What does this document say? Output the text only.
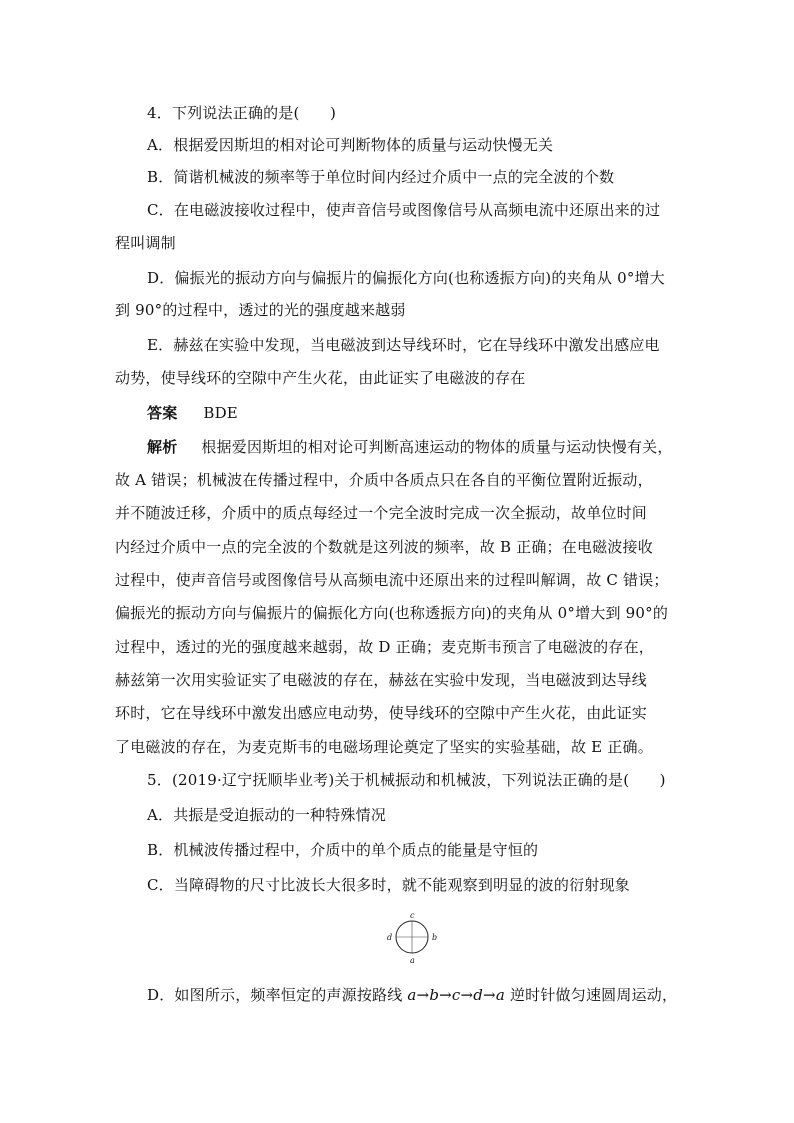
4．下列说法正确的是(　　)
A．根据爱因斯坦的相对论可判断物体的质量与运动快慢无关
B．简谐机械波的频率等于单位时间内经过介质中一点的完全波的个数
C．在电磁波接收过程中，使声音信号或图像信号从高频电流中还原出来的过
程叫调制
D．偏振光的振动方向与偏振片的偏振化方向(也称透振方向)的夹角从 0°增大
到 90°的过程中，透过的光的强度越来越弱
E．赫兹在实验中发现，当电磁波到达导线环时，它在导线环中激发出感应电
动势，使导线环的空隙中产生火花，由此证实了电磁波的存在
答案 BDE
解析 根据爱因斯坦的相对论可判断高速运动的物体的质量与运动快慢有关，
故 A 错误；机械波在传播过程中，介质中各质点只在各自的平衡位置附近振动，
并不随波迁移，介质中的质点每经过一个完全波时完成一次全振动，故单位时间
内经过介质中一点的完全波的个数就是这列波的频率，故 B 正确；在电磁波接收
过程中，使声音信号或图像信号从高频电流中还原出来的过程叫解调，故 C 错误；
偏振光的振动方向与偏振片的偏振化方向(也称透振方向)的夹角从 0°增大到 90°的
过程中，透过的光的强度越来越弱，故 D 正确；麦克斯韦预言了电磁波的存在，
赫兹第一次用实验证实了电磁波的存在，赫兹在实验中发现，当电磁波到达导线
环时，它在导线环中激发出感应电动势，使导线环的空隙中产生火花，由此证实
了电磁波的存在，为麦克斯韦的电磁场理论奠定了坚实的实验基础，故 E 正确。
5．(2019·辽宁抚顺毕业考)关于机械振动和机械波，下列说法正确的是(　　)
A．共振是受迫振动的一种特殊情况
B．机械波传播过程中，介质中的单个质点的能量是守恒的
C．当障碍物的尺寸比波长大很多时，就不能观察到明显的波的衍射现象
c
b
a
d
D．如图所示，频率恒定的声源按路线 a→b→c→d→a 逆时针做匀速圆周运动，
